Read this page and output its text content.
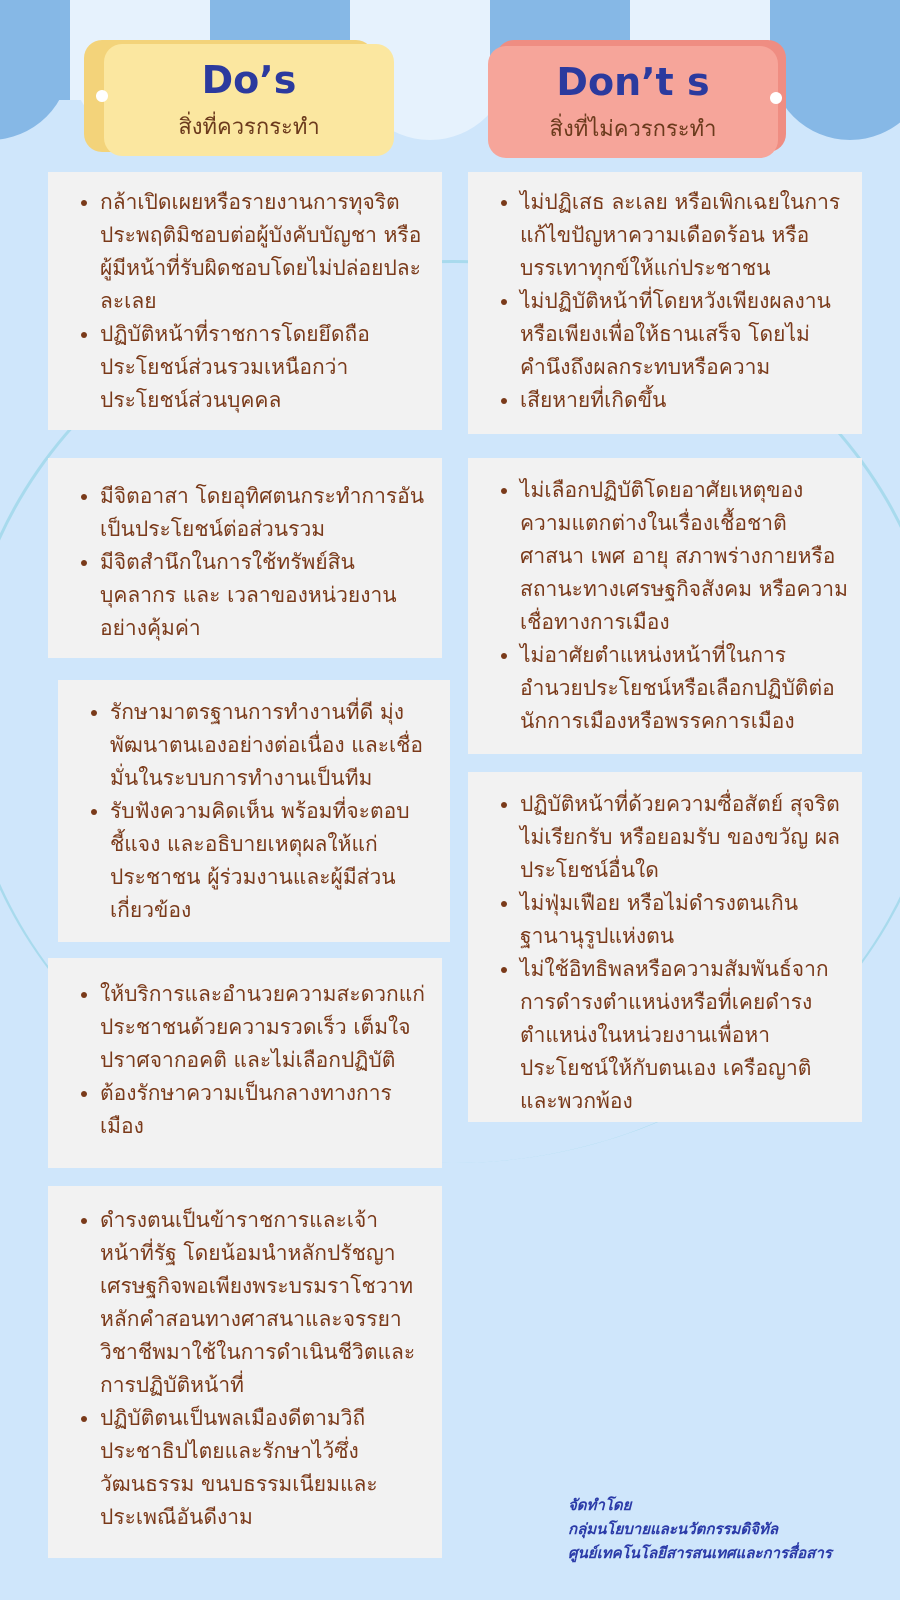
Do’s
สิ่งที่ควรกระทำ
Don’t s
สิ่งที่ไม่ควรกระทำ
• กล้าเปิดเผยหรือรายงานการทุจริตประพฤติมิชอบต่อผู้บังคับบัญชา หรือผู้มีหน้าที่รับผิดชอบโดยไม่ปล่อยปละละเลย
• ปฏิบัติหน้าที่ราชการโดยยึดถือประโยชน์ส่วนรวมเหนือกว่าประโยชน์ส่วนบุคคล
• มีจิตอาสา โดยอุทิศตนกระทำการอันเป็นประโยชน์ต่อส่วนรวม
• มีจิตสำนึกในการใช้ทรัพย์สิน บุคลากร และ เวลาของหน่วยงานอย่างคุ้มค่า
• รักษามาตรฐานการทำงานที่ดี มุ่งพัฒนาตนเองอย่างต่อเนื่อง และเชื่อมั่นในระบบการทำงานเป็นทีม
• รับฟังความคิดเห็น พร้อมที่จะตอบชี้แจง และอธิบายเหตุผลให้แก่ประชาชน ผู้ร่วมงานและผู้มีส่วนเกี่ยวข้อง
• ให้บริการและอำนวยความสะดวกแก่ประชาชนด้วยความรวดเร็ว เต็มใจ ปราศจากอคติ และไม่เลือกปฏิบัติ
• ต้องรักษาความเป็นกลางทางการเมือง
• ดำรงตนเป็นข้าราชการและเจ้าหน้าที่รัฐ โดยน้อมนำหลักปรัชญาเศรษฐกิจพอเพียงพระบรมราโชวาท หลักคำสอนทางศาสนาและจรรยาวิชาชีพมาใช้ในการดำเนินชีวิตและการปฏิบัติหน้าที่
• ปฏิบัติตนเป็นพลเมืองดีตามวิถีประชาธิปไตยและรักษาไว้ซึ่งวัฒนธรรม ขนบธรรมเนียมและประเพณีอันดีงาม
• ไม่ปฏิเสธ ละเลย หรือเพิกเฉยในการแก้ไขปัญหาความเดือดร้อน หรือบรรเทาทุกข์ให้แก่ประชาชน
• ไม่ปฏิบัติหน้าที่โดยหวังเพียงผลงานหรือเพียงเพื่อให้ธานเสร็จ โดยไม่คำนึงถึงผลกระทบหรือความ
• เสียหายที่เกิดขึ้น
• ไม่เลือกปฏิบัติโดยอาศัยเหตุของความแตกต่างในเรื่องเชื้อชาติ ศาสนา เพศ อายุ สภาพร่างกายหรือสถานะทางเศรษฐกิจสังคม หรือความเชื่อทางการเมือง
• ไม่อาศัยตำแหน่งหน้าที่ในการอำนวยประโยชน์หรือเลือกปฏิบัติต่อนักการเมืองหรือพรรคการเมือง
• ปฏิบัติหน้าที่ด้วยความซื่อสัตย์ สุจริต ไม่เรียกรับ หรือยอมรับ ของขวัญ ผลประโยชน์อื่นใด
• ไม่ฟุ่มเฟือย หรือไม่ดำรงตนเกินฐานานุรูปแห่งตน
• ไม่ใช้อิทธิพลหรือความสัมพันธ์จากการดำรงตำแหน่งหรือที่เคยดำรงตำแหน่งในหน่วยงานเพื่อหาประโยชน์ให้กับตนเอง เครือญาติ และพวกพ้อง
จัดทำโดย
กลุ่มนโยบายและนวัตกรรมดิจิทัล
ศูนย์เทคโนโลยีสารสนเทศและการสื่อสาร
